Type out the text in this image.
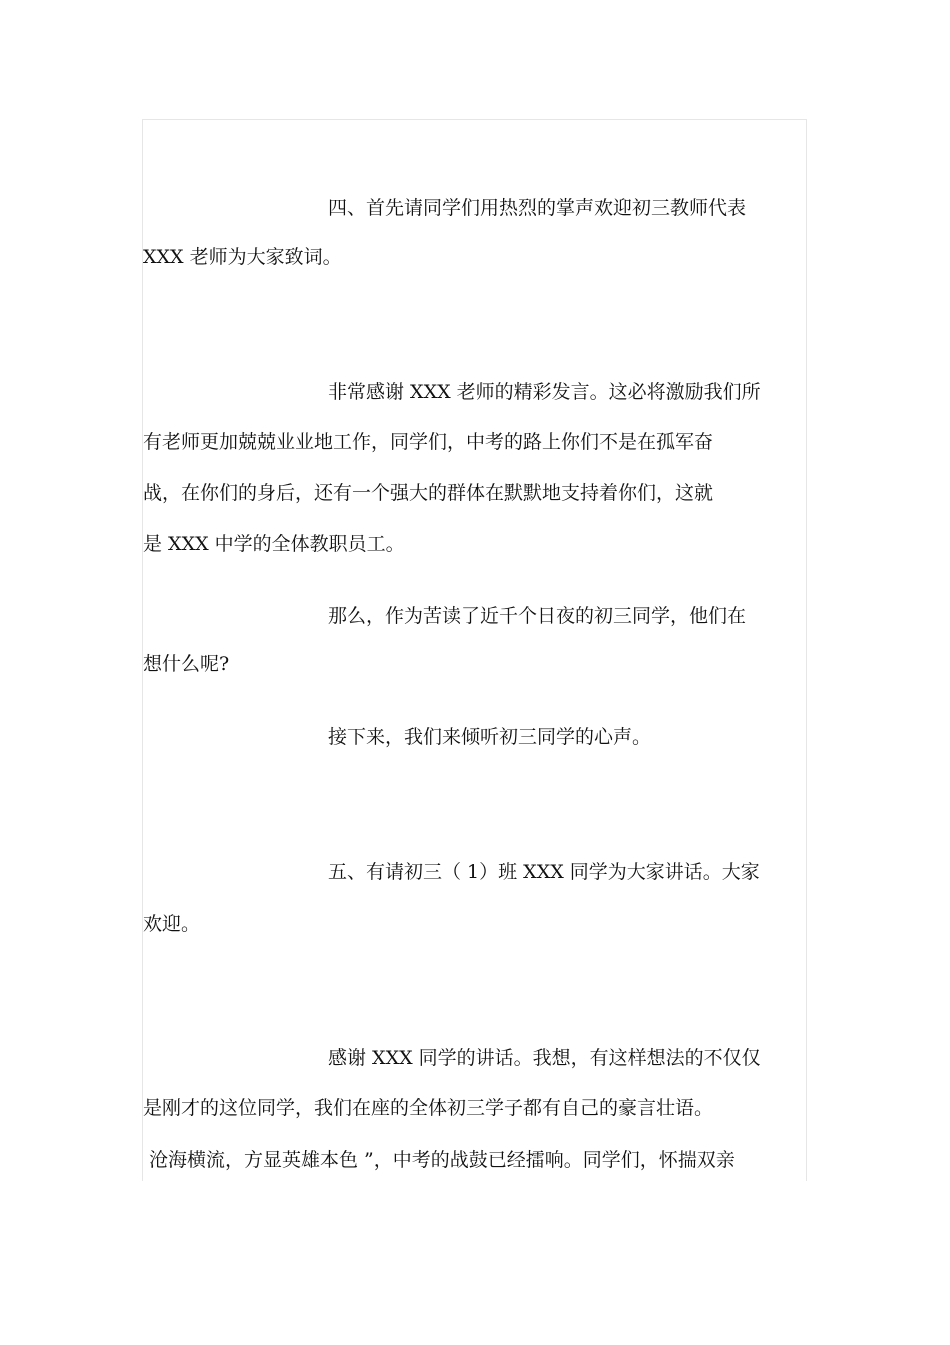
四、首先请同学们用热烈的掌声欢迎初三教师代表
XXX 老师为大家致词。
非常感谢 XXX 老师的精彩发言。这必将激励我们所
有老师更加兢兢业业地工作，同学们，中考的路上你们不是在孤军奋
战，在你们的身后，还有一个强大的群体在默默地支持着你们，这就
是 XXX 中学的全体教职员工。
那么，作为苦读了近千个日夜的初三同学，他们在
想什么呢?
接下来，我们来倾听初三同学的心声。
五、有请初三（ 1）班 XXX 同学为大家讲话。大家
欢迎。
感谢 XXX 同学的讲话。我想，有这样想法的不仅仅
是刚才的这位同学，我们在座的全体初三学子都有自己的豪言壮语。
沧海横流，方显英雄本色 ”，中考的战鼓已经擂响。同学们，怀揣双亲
